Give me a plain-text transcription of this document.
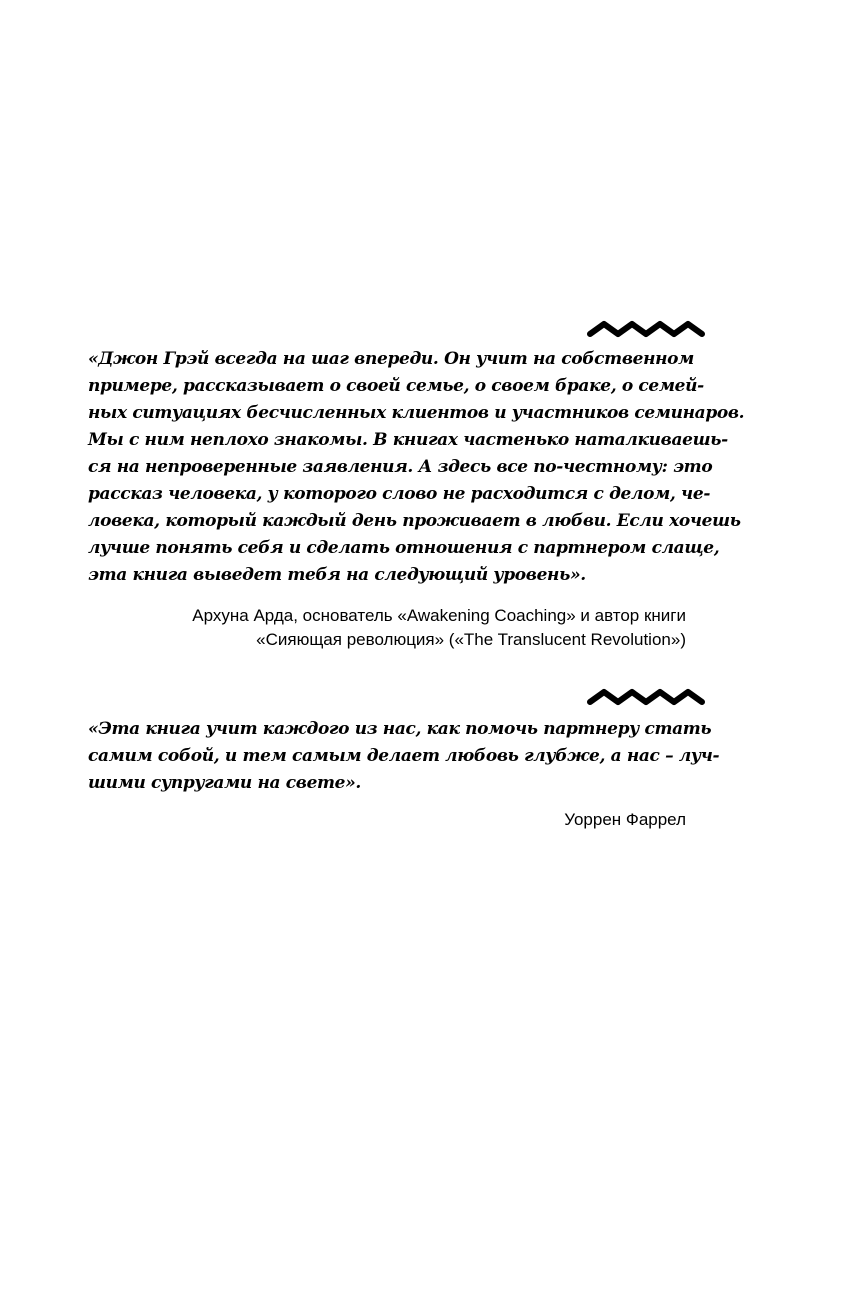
«Джон Грэй всегда на шаг впереди. Он учит на собственном
примере, рассказывает о своей семье, о своем браке, о семей-
ных ситуациях бесчисленных клиентов и участников семинаров.
Мы с ним неплохо знакомы. В книгах частенько наталкиваешь-
ся на непроверенные заявления. А здесь все по-честному: это
рассказ человека, у которого слово не расходится с делом, че-
ловека, который каждый день проживает в любви. Если хочешь
лучше понять себя и сделать отношения с партнером слаще,
эта книга выведет тебя на следующий уровень».
Архуна Арда, основатель «Awakening Coaching» и автор книги
«Сияющая революция» («The Translucent Revolution»)
«Эта книга учит каждого из нас, как помочь партнеру стать
самим собой, и тем самым делает любовь глубже, а нас – луч-
шими супругами на свете».
Уоррен Фаррел
